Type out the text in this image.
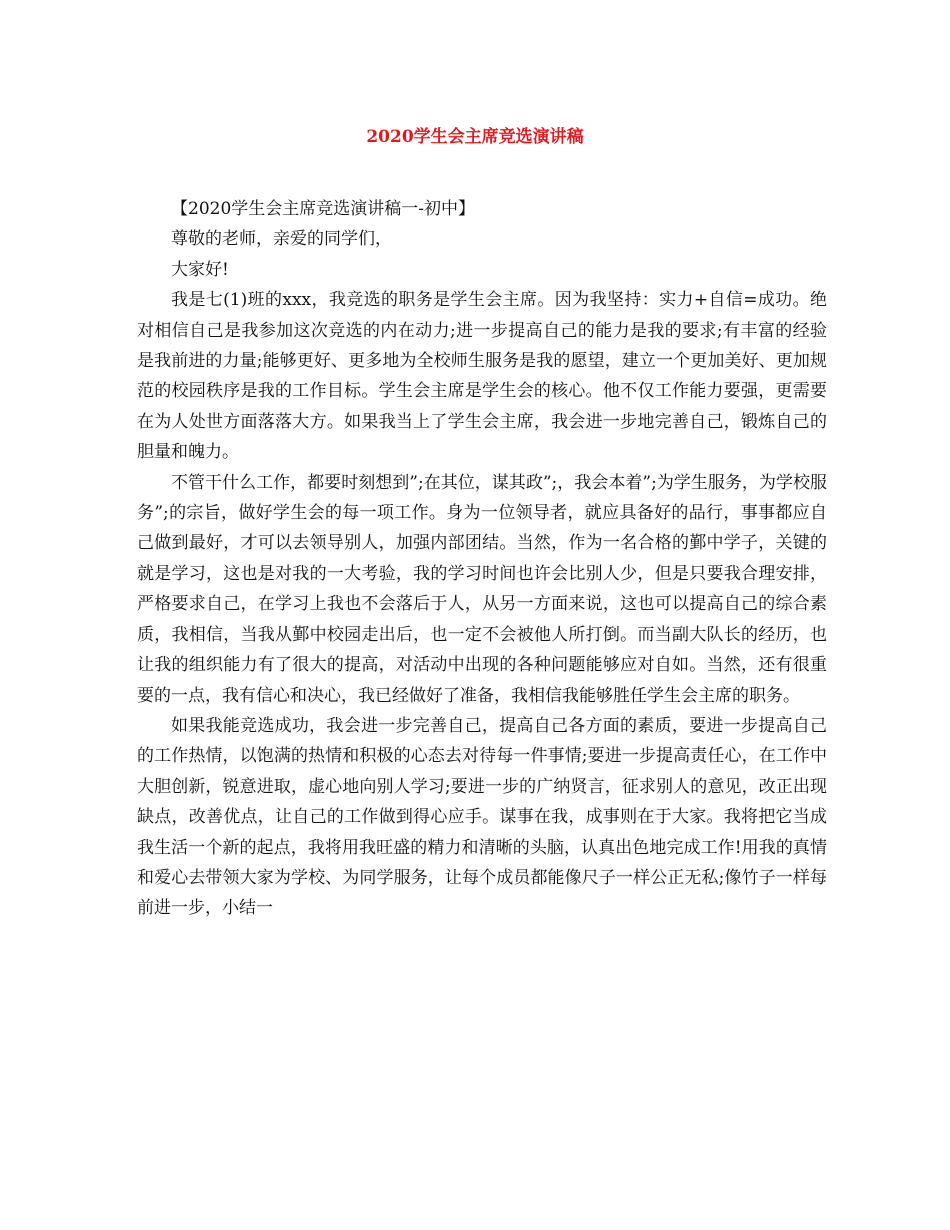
2020学生会主席竞选演讲稿

【2020学生会主席竞选演讲稿一-初中】

尊敬的老师，亲爱的同学们，

大家好!

我是七(1)班的xxx，我竞选的职务是学生会主席。因为我坚持：实力+自信=成功。绝对相信自己是我参加这次竞选的内在动力;进一步提高自己的能力是我的要求;有丰富的经验是我前进的力量;能够更好、更多地为全校师生服务是我的愿望，建立一个更加美好、更加规范的校园秩序是我的工作目标。学生会主席是学生会的核心。他不仅工作能力要强，更需要在为人处世方面落落大方。如果我当上了学生会主席，我会进一步地完善自己，锻炼自己的胆量和魄力。

不管干什么工作，都要时刻想到”;在其位，谋其政”;，我会本着”;为学生服务，为学校服务”;的宗旨，做好学生会的每一项工作。身为一位领导者，就应具备好的品行，事事都应自己做到最好，才可以去领导别人，加强内部团结。当然，作为一名合格的鄞中学子，关键的就是学习，这也是对我的一大考验，我的学习时间也许会比别人少，但是只要我合理安排，严格要求自己，在学习上我也不会落后于人，从另一方面来说，这也可以提高自己的综合素质，我相信，当我从鄞中校园走出后，也一定不会被他人所打倒。而当副大队长的经历，也让我的组织能力有了很大的提高，对活动中出现的各种问题能够应对自如。当然，还有很重要的一点，我有信心和决心，我已经做好了准备，我相信我能够胜任学生会主席的职务。

如果我能竞选成功，我会进一步完善自己，提高自己各方面的素质，要进一步提高自己的工作热情，以饱满的热情和积极的心态去对待每一件事情;要进一步提高责任心，在工作中大胆创新，锐意进取，虚心地向别人学习;要进一步的广纳贤言，征求别人的意见，改正出现缺点，改善优点，让自己的工作做到得心应手。谋事在我，成事则在于大家。我将把它当成我生活一个新的起点，我将用我旺盛的精力和清晰的头脑，认真出色地完成工作!用我的真情和爱心去带领大家为学校、为同学服务，让每个成员都能像尺子一样公正无私;像竹子一样每前进一步，小结一
